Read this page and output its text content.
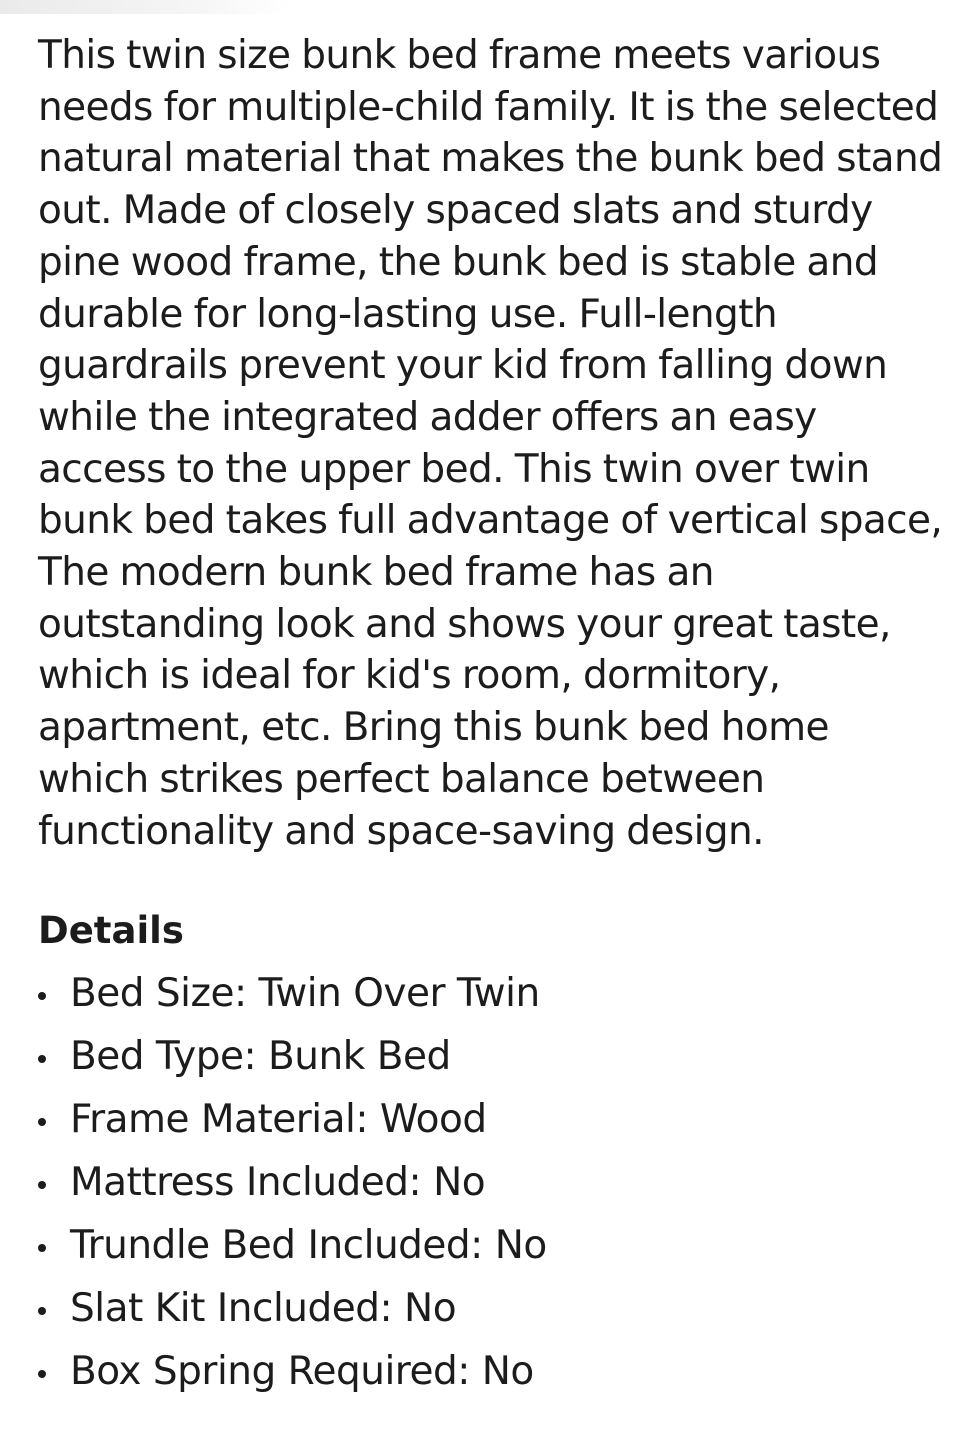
This twin size bunk bed frame meets various needs for multiple-child family. It is the selected natural material that makes the bunk bed stand out. Made of closely spaced slats and sturdy pine wood frame, the bunk bed is stable and durable for long-lasting use. Full-length guardrails prevent your kid from falling down while the integrated adder offers an easy access to the upper bed. This twin over twin bunk bed takes full advantage of vertical space, The modern bunk bed frame has an outstanding look and shows your great taste, which is ideal for kid's room, dormitory, apartment, etc. Bring this bunk bed home which strikes perfect balance between functionality and space-saving design.

Details
Bed Size: Twin Over Twin
Bed Type: Bunk Bed
Frame Material: Wood
Mattress Included: No
Trundle Bed Included: No
Slat Kit Included: No
Box Spring Required: No
